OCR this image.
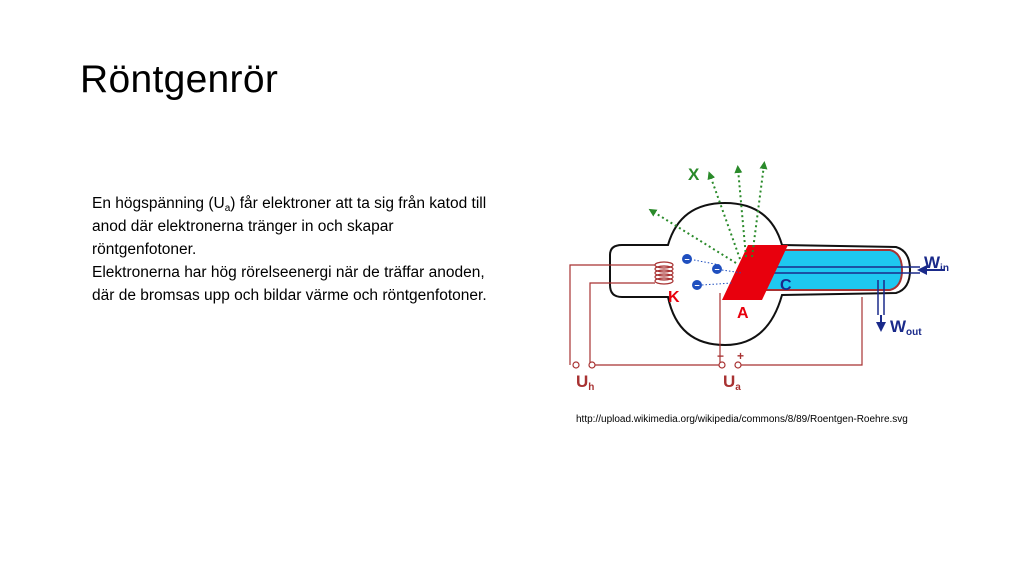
Röntgenrör

En högspänning $(U_a)$ får elektroner att ta sig från katod till anod där elektronerna tränger in och skapar röntgenfotoner.

Elektronerna har hög rörelseenergi när de träffar anoden, där de bromsas upp och bildar värme och röntgenfotoner.

−
−
−
X
K
A
C
Win
Wout
Uh	Ua
− +
http://upload.wikimedia.org/wikipedia/commons/8/89/Roentgen-Roehre.svg
